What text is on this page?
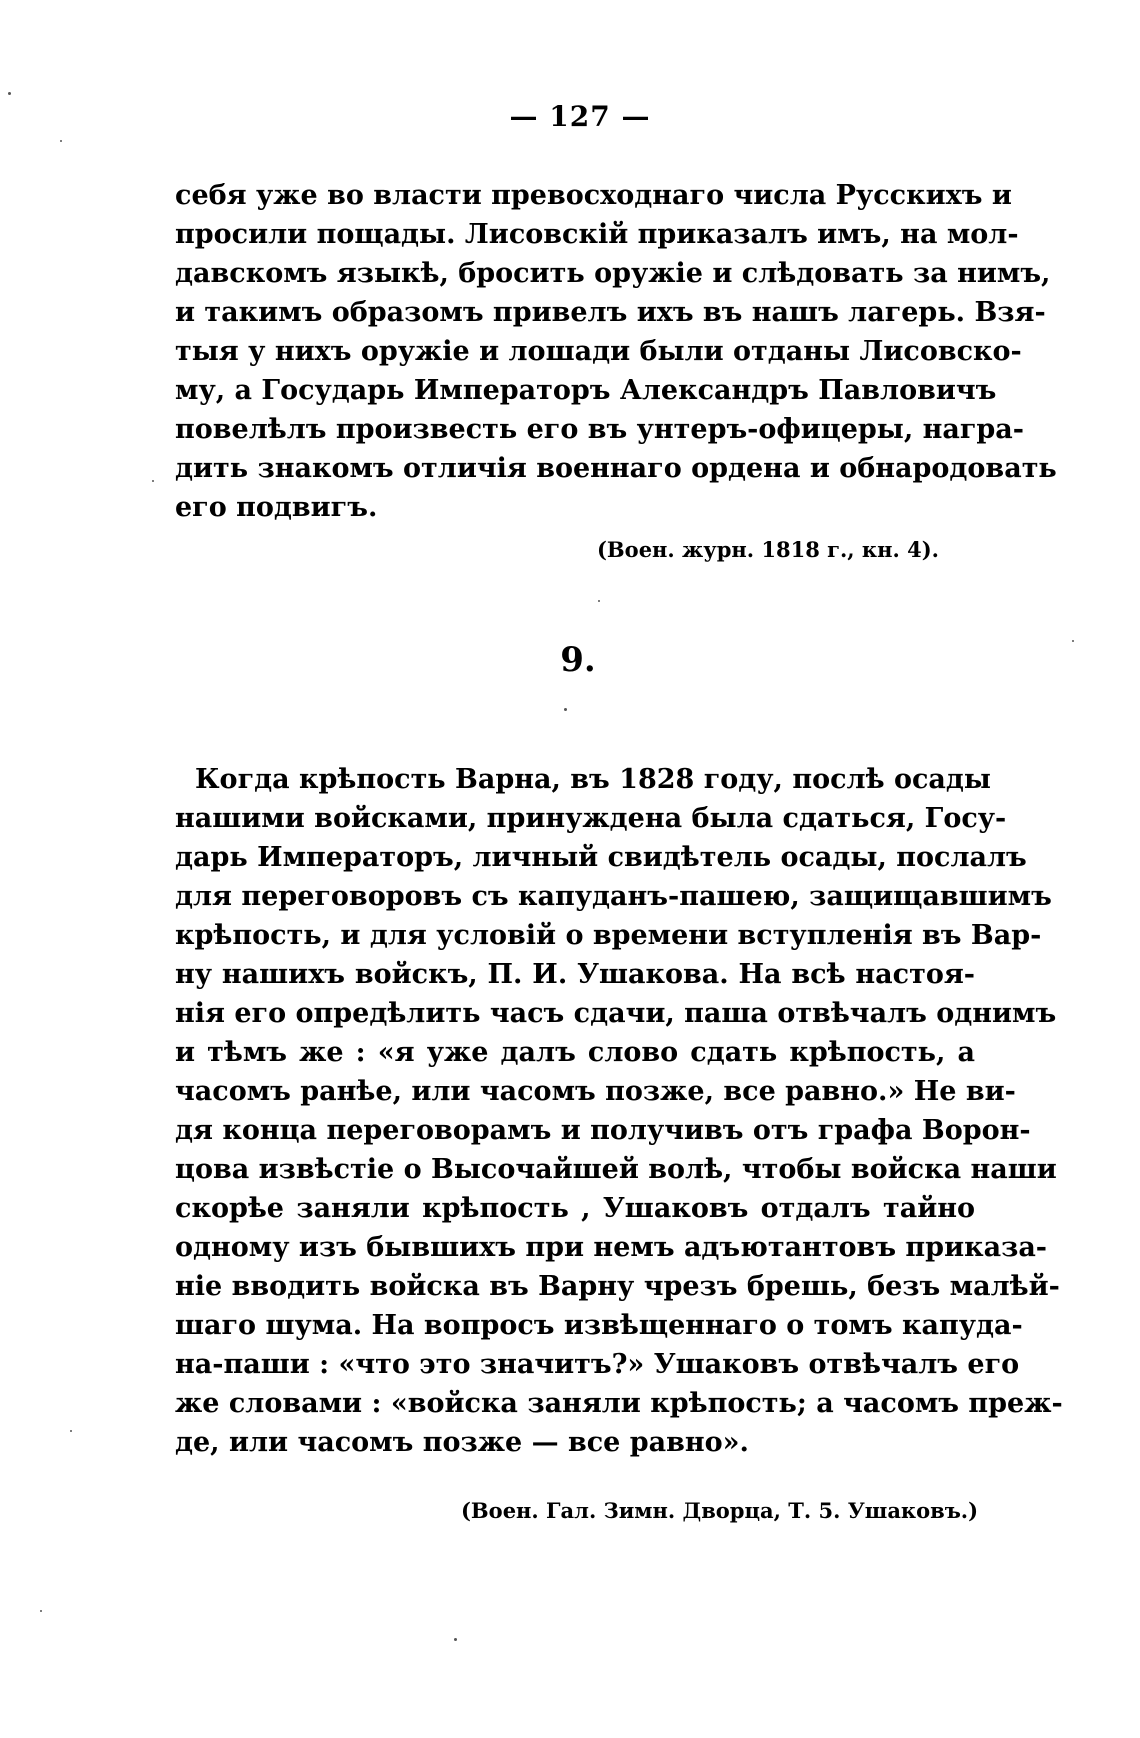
— 127 —
себя уже во власти превосходнаго числа Русскихъ и
просили пощады. Лисовскій приказалъ имъ, на мол-
давскомъ языкѣ, бросить оружіе и слѣдовать за нимъ,
и такимъ образомъ привелъ ихъ въ нашъ лагерь. Взя-
тыя у нихъ оружіе и лошади были отданы Лисовско-
му, а Государь Императоръ Александръ Павловичъ
повелѣлъ произвесть его въ унтеръ-офицеры, награ-
дить знакомъ отличія военнаго ордена и обнародовать
его подвигъ.
(Воен. журн. 1818 г., кн. 4).
9.
Когда крѣпость Варна, въ 1828 году, послѣ осады
нашими войсками, принуждена была сдаться, Госу-
дарь Императоръ, личный свидѣтель осады, послалъ
для переговоровъ съ капуданъ-пашею, защищавшимъ
крѣпость, и для условій о времени вступленія въ Вар-
ну нашихъ войскъ, П. И. Ушакова. На всѣ настоя-
нія его опредѣлить часъ сдачи, паша отвѣчалъ однимъ
и тѣмъ же : «я уже далъ слово сдать крѣпость, а
часомъ ранѣе, или часомъ позже, все равно.» Не ви-
дя конца переговорамъ и получивъ отъ графа Ворон-
цова извѣстіе о Высочайшей волѣ, чтобы войска наши
скорѣе заняли крѣпость , Ушаковъ отдалъ тайно
одному изъ бывшихъ при немъ адъютантовъ приказа-
ніе вводить войска въ Варну чрезъ брешь, безъ малѣй-
шаго шума. На вопросъ извѣщеннаго о томъ капуда-
на-паши : «что это значитъ?» Ушаковъ отвѣчалъ его
же словами : «войска заняли крѣпость; а часомъ преж-
де, или часомъ позже — все равно».
(Воен. Гал. Зимн. Дворца, Т. 5. Ушаковъ.)
